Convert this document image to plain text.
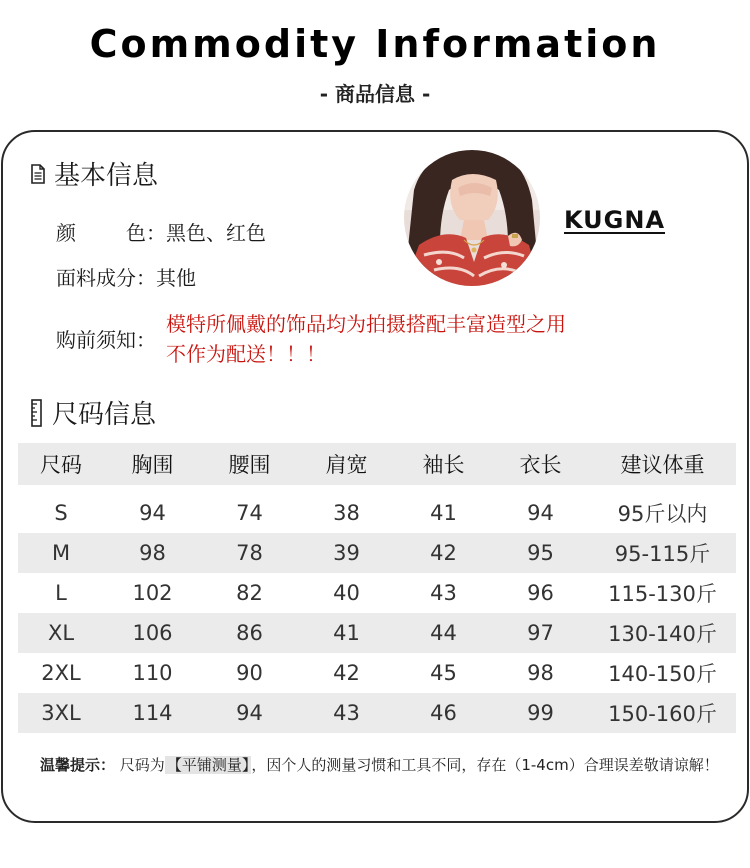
Commodity Information
- 商品信息 -
基本信息
颜	色：黑色、红色
面料成分：其他
购前须知：
模特所佩戴的饰品均为拍摄搭配丰富造型之用
不作为配送！！！
KUGNA
尺码信息
尺码	胸围	腰围	肩宽	袖长	衣长	建议体重

S	94	74	38	41	94	95斤以内
M	98	78	39	42	95	95-115斤
L	102	82	40	43	96	115-130斤
XL	106	86	41	44	97	130-140斤
2XL	110	90	42	45	98	140-150斤
3XL	114	94	43	46	99	150-160斤
温馨提示： 尺码为 【平铺测量】 ，因个人的测量习惯和工具不同，存在（1-4cm）合理误差敬请谅解！
